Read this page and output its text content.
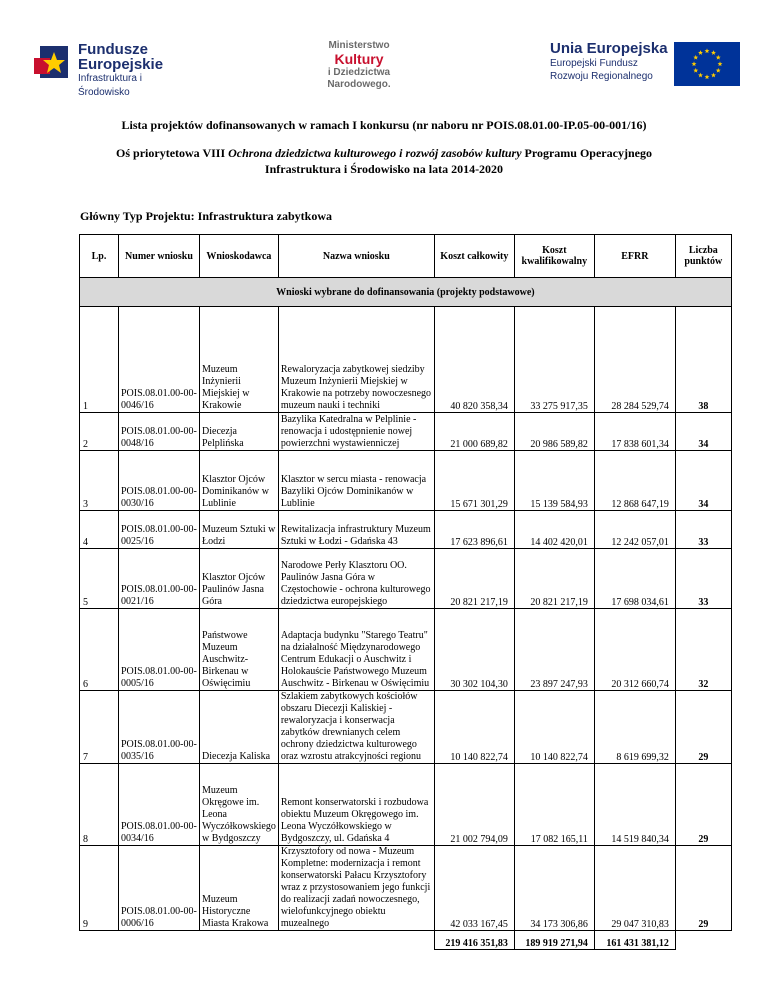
Fundusze
Europejskie
Infrastruktura i Środowisko
Ministerstwo
Kultury
i Dziedzictwa
Narodowego.
Unia Europejska
Europejski Fundusz
Rozwoju Regionalnego
Lista projektów dofinansowanych w ramach I konkursu (nr naboru nr POIS.08.01.00-IP.05-00-001/16)
Oś priorytetowa VIII Ochrona dziedzictwa kulturowego i rozwój zasobów kultury Programu Operacyjnego Infrastruktura i Środowisko na lata 2014-2020
Główny Typ Projektu: Infrastruktura zabytkowa
Lp.	Numer wniosku	Wnioskodawca	Nazwa wniosku	Koszt całkowity	Koszt kwalifikowalny	EFRR	Liczba punktów
Wnioski wybrane do dofinansowania (projekty podstawowe)							
1	POIS.08.01.00-00-0046/16	Muzeum Inżynierii Miejskiej w Krakowie	Rewaloryzacja zabytkowej siedziby Muzeum Inżynierii Miejskiej w Krakowie na potrzeby nowoczesnego muzeum nauki i techniki	40 820 358,34	33 275 917,35	28 284 529,74	38
2	POIS.08.01.00-00-0048/16	Diecezja Pelplińska	Bazylika Katedralna w Pelplinie - renowacja i udostępnienie nowej powierzchni wystawienniczej	21 000 689,82	20 986 589,82	17 838 601,34	34
3	POIS.08.01.00-00-0030/16	Klasztor Ojców Dominikanów w Lublinie	Klasztor w sercu miasta - renowacja Bazyliki Ojców Dominikanów w Lublinie	15 671 301,29	15 139 584,93	12 868 647,19	34
4	POIS.08.01.00-00-0025/16	Muzeum Sztuki w Łodzi	Rewitalizacja infrastruktury Muzeum Sztuki w Łodzi - Gdańska 43	17 623 896,61	14 402 420,01	12 242 057,01	33
5	POIS.08.01.00-00-0021/16	Klasztor Ojców Paulinów Jasna Góra	Narodowe Perły Klasztoru OO. Paulinów Jasna Góra w Częstochowie - ochrona kulturowego dziedzictwa europejskiego	20 821 217,19	20 821 217,19	17 698 034,61	33
6	POIS.08.01.00-00-0005/16	Państwowe Muzeum Auschwitz-Birkenau w Oświęcimiu	Adaptacja budynku "Starego Teatru" na działalność Międzynarodowego Centrum Edukacji o Auschwitz i Holokauście Państwowego Muzeum Auschwitz - Birkenau w Oświęcimiu	30 302 104,30	23 897 247,93	20 312 660,74	32
7	POIS.08.01.00-00-0035/16	Diecezja Kaliska	Szlakiem zabytkowych kościołów obszaru Diecezji Kaliskiej - rewaloryzacja i konserwacja zabytków drewnianych celem ochrony dziedzictwa kulturowego oraz wzrostu atrakcyjności regionu	10 140 822,74	10 140 822,74	8 619 699,32	29
8	POIS.08.01.00-00-0034/16	Muzeum Okręgowe im. Leona Wyczółkowskiego w Bydgoszczy	Remont konserwatorski i rozbudowa obiektu Muzeum Okręgowego im. Leona Wyczółkowskiego w Bydgoszczy, ul. Gdańska 4	21 002 794,09	17 082 165,11	14 519 840,34	29
9	POIS.08.01.00-00-0006/16	Muzeum Historyczne Miasta Krakowa	Krzysztofory od nowa - Muzeum Kompletne: modernizacja i remont konserwatorski Pałacu Krzysztofory wraz z przystosowaniem jego funkcji do realizacji zadań nowoczesnego, wielofunkcyjnego obiektu muzealnego	42 033 167,45	34 173 306,86	29 047 310,83	29
				219 416 351,83	189 919 271,94	161 431 381,12	
